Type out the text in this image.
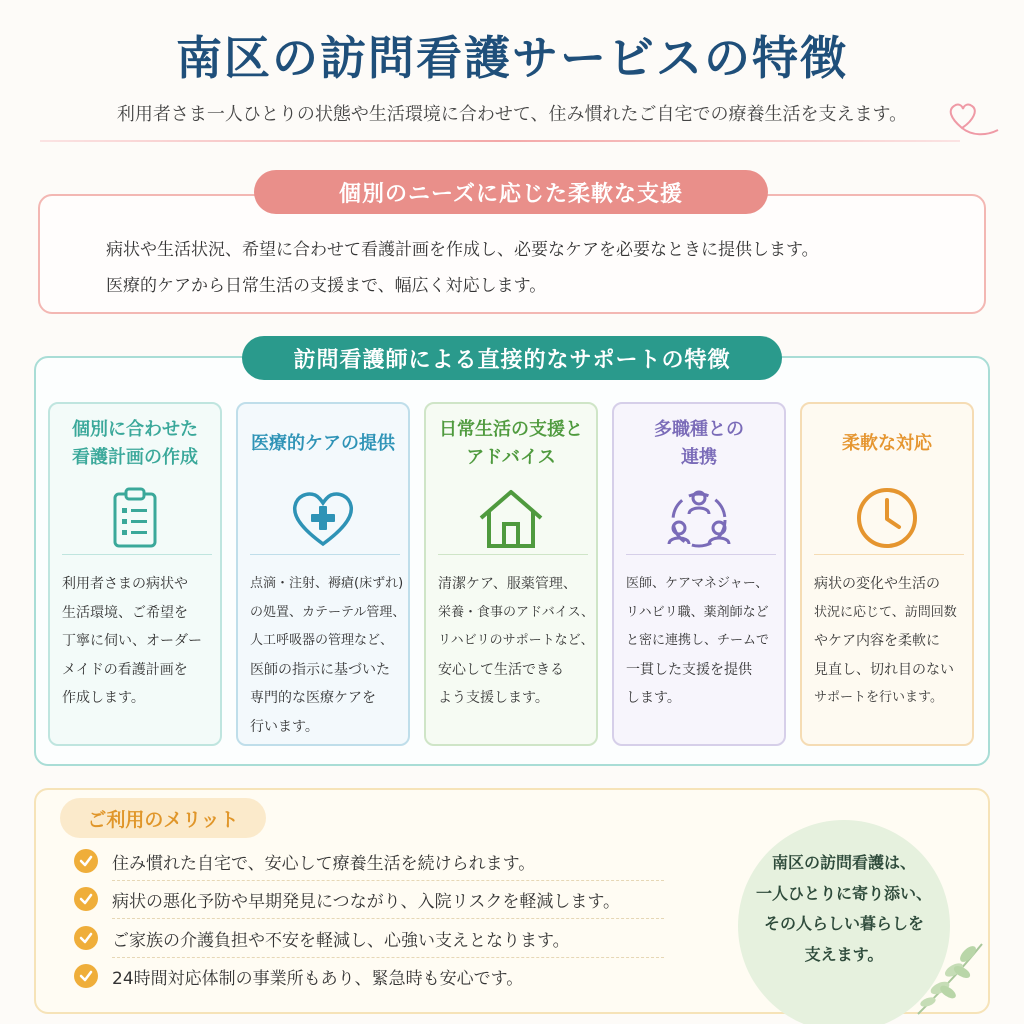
南区の訪問看護サービスの特徴
利用者さま一人ひとりの状態や生活環境に合わせて、住み慣れたご自宅での療養生活を支えます。
個別のニーズに応じた柔軟な支援
病状や生活状況、希望に合わせて看護計画を作成し、必要なケアを必要なときに提供します。
医療的ケアから日常生活の支援まで、幅広く対応します。
訪問看護師による直接的なサポートの特徴
個別に合わせた
看護計画の作成
利用者さまの病状や
生活環境、ご希望を
丁寧に伺い、オーダー
メイドの看護計画を
作成します。
医療的ケアの提供
点滴・注射、褥瘡(床ずれ)
の処置、カテーテル管理、
人工呼吸器の管理など、
医師の指示に基づいた
専門的な医療ケアを
行います。
日常生活の支援と
アドバイス
清潔ケア、服薬管理、
栄養・食事のアドバイス、
リハビリのサポートなど、
安心して生活できる
よう支援します。
多職種との
連携
医師、ケアマネジャー、
リハビリ職、薬剤師など
と密に連携し、チームで
一貫した支援を提供
します。
柔軟な対応
病状の変化や生活の
状況に応じて、訪問回数
やケア内容を柔軟に
見直し、切れ目のない
サポートを行います。
ご利用のメリット
住み慣れた自宅で、安心して療養生活を続けられます。
病状の悪化予防や早期発見につながり、入院リスクを軽減します。
ご家族の介護負担や不安を軽減し、心強い支えとなります。
24時間対応体制の事業所もあり、緊急時も安心です。
南区の訪問看護は、
一人ひとりに寄り添い、
その人らしい暮らしを
支えます。
